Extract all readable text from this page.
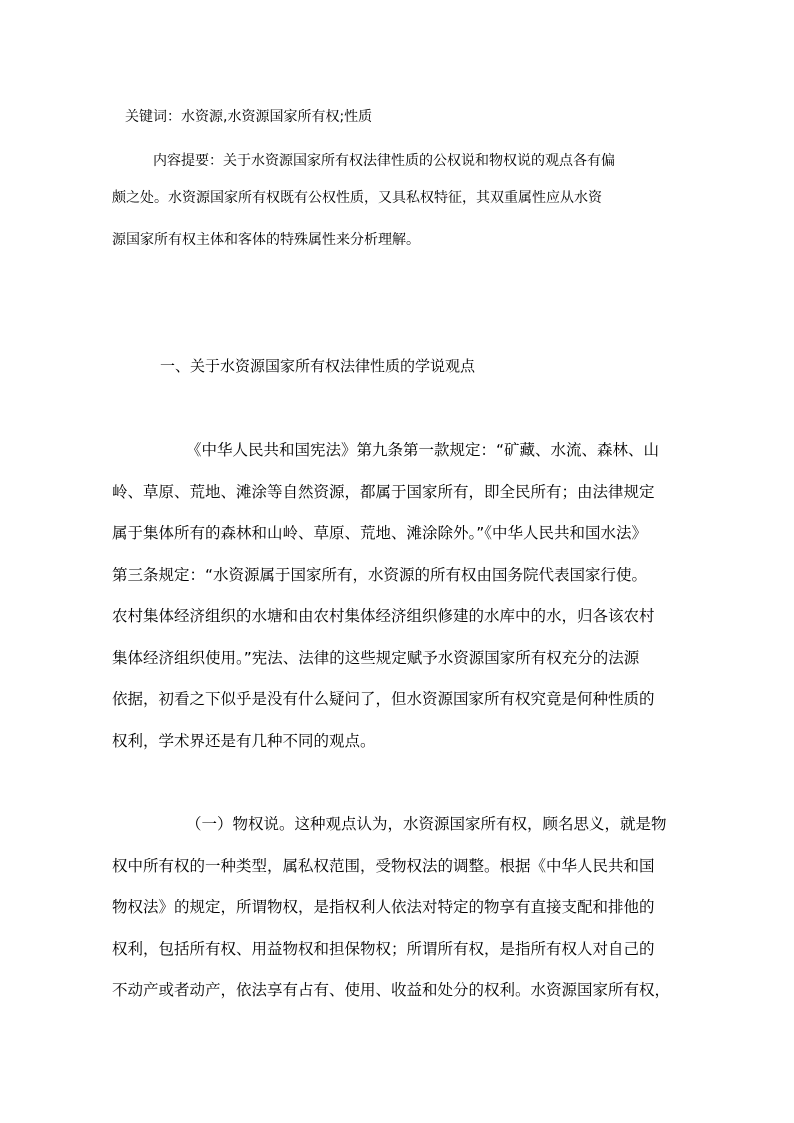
关键词：水资源,水资源国家所有权;性质
内容提要：关于水资源国家所有权法律性质的公权说和物权说的观点各有偏
颇之处。水资源国家所有权既有公权性质，又具私权特征，其双重属性应从水资
源国家所有权主体和客体的特殊属性来分析理解。
一、关于水资源国家所有权法律性质的学说观点
《中华人民共和国宪法》第九条第一款规定：“矿藏、水流、森林、山
岭、草原、荒地、滩涂等自然资源，都属于国家所有，即全民所有；由法律规定
属于集体所有的森林和山岭、草原、荒地、滩涂除外。”《中华人民共和国水法》
第三条规定：“水资源属于国家所有，水资源的所有权由国务院代表国家行使。
农村集体经济组织的水塘和由农村集体经济组织修建的水库中的水，归各该农村
集体经济组织使用。”宪法、法律的这些规定赋予水资源国家所有权充分的法源
依据，初看之下似乎是没有什么疑问了，但水资源国家所有权究竟是何种性质的
权利，学术界还是有几种不同的观点。
（一）物权说。这种观点认为，水资源国家所有权，顾名思义，就是物
权中所有权的一种类型，属私权范围，受物权法的调整。根据《中华人民共和国
物权法》的规定，所谓物权，是指权利人依法对特定的物享有直接支配和排他的
权利，包括所有权、用益物权和担保物权；所谓所有权，是指所有权人对自己的
不动产或者动产，依法享有占有、使用、收益和处分的权利。水资源国家所有权，
